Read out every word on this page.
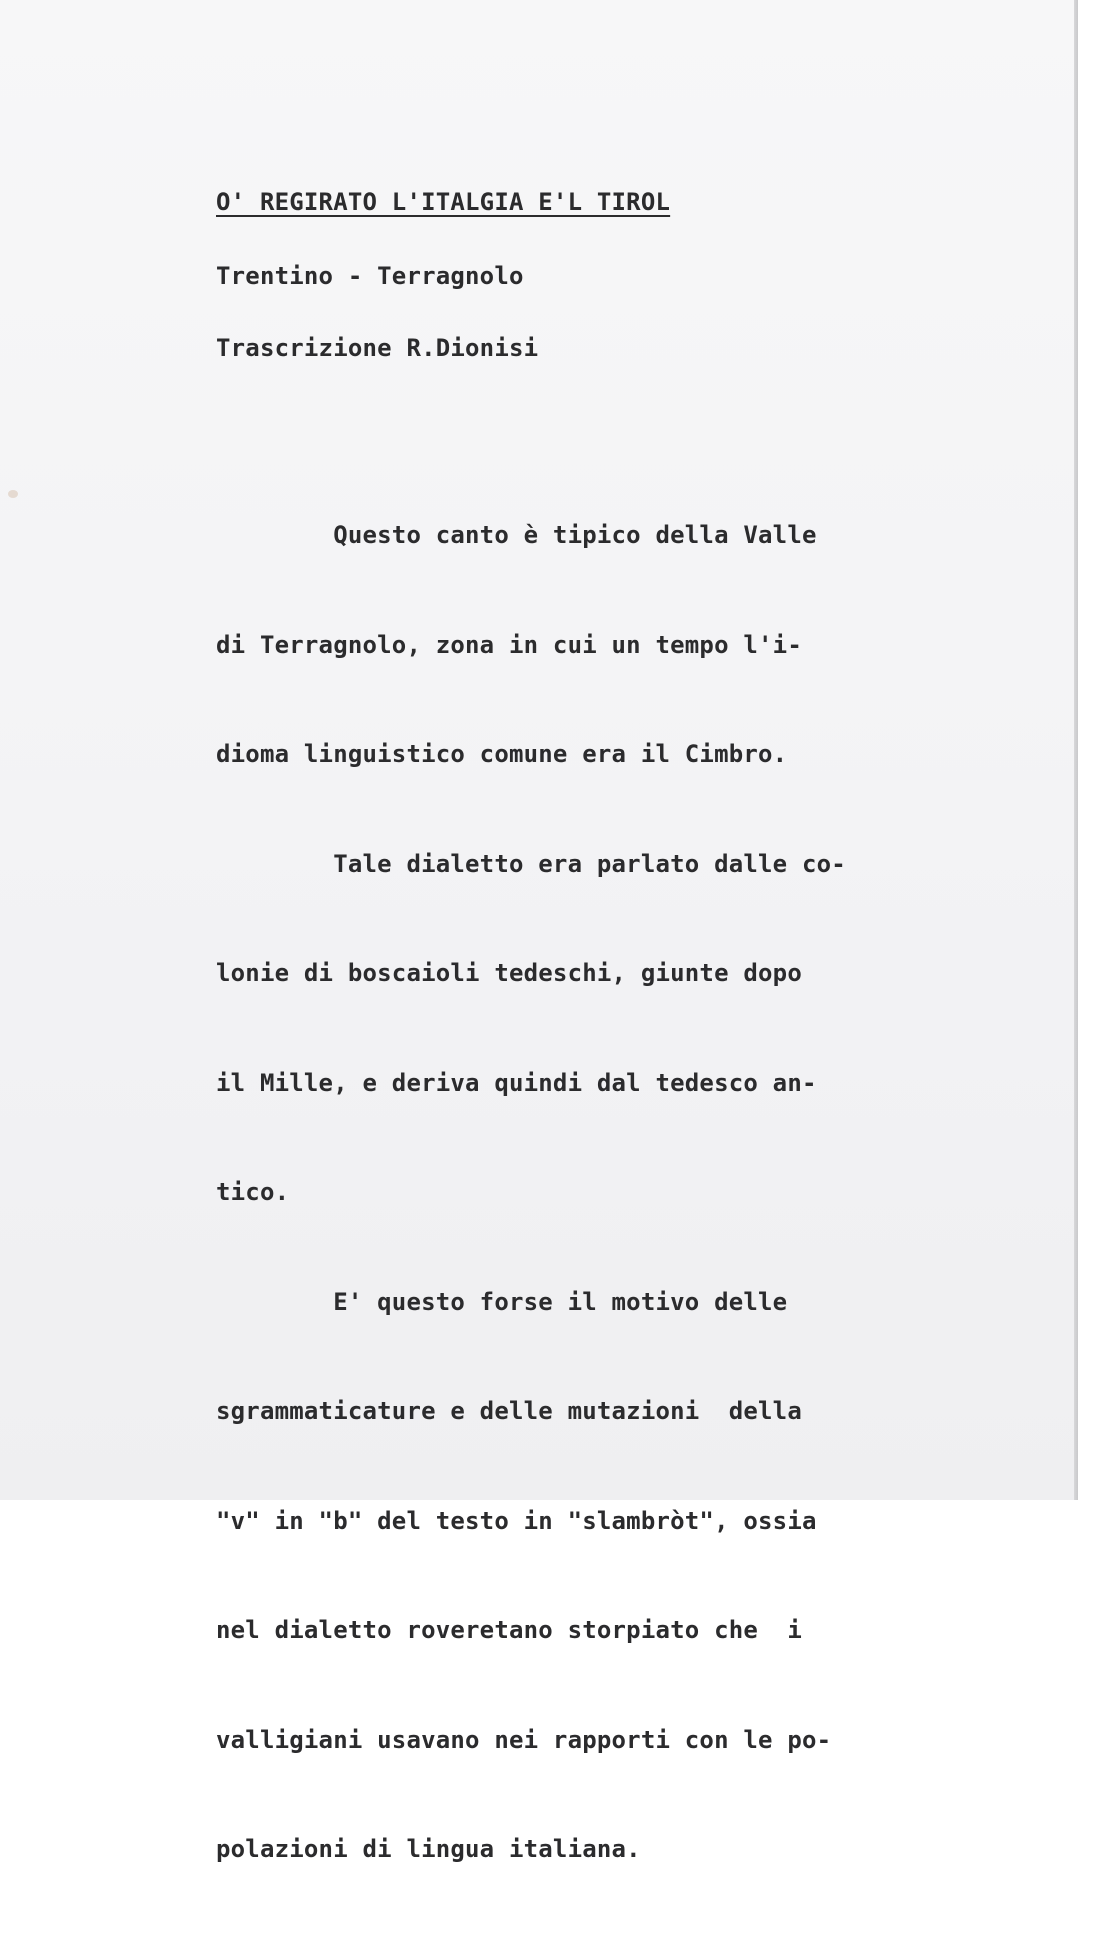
O' REGIRATO L'ITALGIA E'L TIROL

Trentino - Terragnolo

Trascrizione R.Dionisi

Questo canto è tipico della Valle

di Terragnolo, zona in cui un tempo l'i-

dioma linguistico comune era il Cimbro.

Tale dialetto era parlato dalle co-

lonie di boscaioli tedeschi, giunte dopo

il Mille, e deriva quindi dal tedesco an-

tico.

E' questo forse il motivo delle

sgrammaticature e delle mutazioni  della

"v" in "b" del testo in "slambròt", ossia

nel dialetto roveretano storpiato che  i

valligiani usavano nei rapporti con le po-

polazioni di lingua italiana.
